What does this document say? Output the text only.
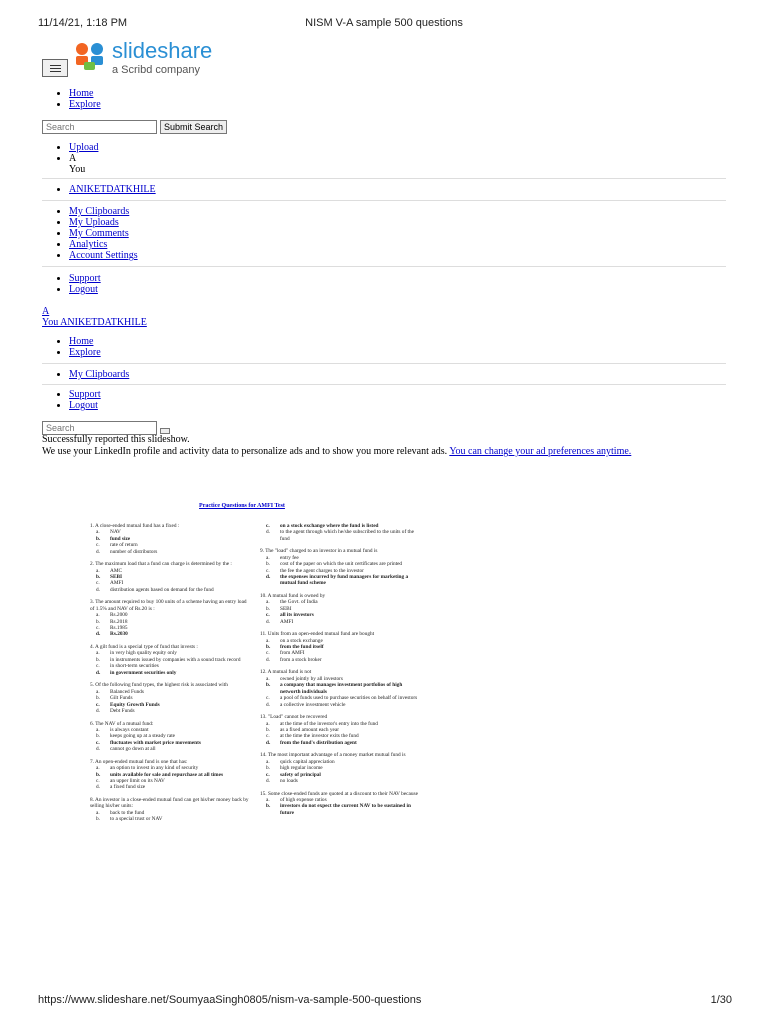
11/14/21, 1:18 PM	NISM V-A sample 500 questions
https://www.slideshare.net/SoumyaaSingh0805/nism-va-sample-500-questions	1/30
slideshare
a Scribd company
• Home
• Explore
Search
Submit Search
• Upload
• A
You
• ANIKETDATKHILE
• My Clipboards
• My Uploads
• My Comments
• Analytics
• Account Settings
• Support
• Logout
A
You ANIKETDATKHILE
• Home
• Explore
• My Clipboards
• Support
• Logout
Search
Successfully reported this slideshow.
We use your LinkedIn profile and activity data to personalize ads and to show you more relevant ads. You can change your ad preferences anytime.
Practice Questions for AMFI Test
1. A close-ended mutual fund has a fixed :
a.	NAV
b.	fund size
c.	rate of return
d.	number of distributors
2. The maximum load that a fund can charge is determined by the :
a.	AMC
b.	SEBI
c.	AMFI
d.	distribution agents based on demand for the fund
3. The amount required to buy 100 units of a scheme having an entry load of 1.5% and NAV of Rs.20 is :
a.	Rs.2000
b.	Rs.2018
c.	Rs.1985
d.	Rs.2030
4. A gilt fund is a special type of fund that invests :
a.	in very high quality equity only
b.	in instruments issued by companies with a sound track record
c.	in short-term securities
d.	in government securities only
5. Of the following fund types, the highest risk is associated with
a.	Balanced Funds
b.	Gilt Funds
c.	Equity Growth Funds
d.	Debt Funds
6. The NAV of a mutual fund:
a.	is always constant
b.	keeps going up at a steady rate
c.	fluctuates with market price movements
d.	cannot go down at all
7. An open-ended mutual fund is one that has:
a.	an option to invest in any kind of security
b.	units available for sale and repurchase at all times
c.	an upper limit on its NAV
d.	a fixed fund size
8. An investor in a close-ended mutual fund can get his/her money back by selling his/her units:
a.	back to the fund
b.	to a special trust or NAV
c.	on a stock exchange where the fund is listed
d.	to the agent through which he/she subscribed to the units of the fund
9. The "load" charged to an investor in a mutual fund is
a.	entry fee
b.	cost of the paper on which the unit certificates are printed
c.	the fee the agent charges to the investor
d.	the expenses incurred by fund managers for marketing a mutual fund scheme
10. A mutual fund is owned by
a.	the Govt. of India
b.	SEBI
c.	all its investors
d.	AMFI
11. Units from an open-ended mutual fund are bought
a.	on a stock exchange
b.	from the fund itself
c.	from AMFI
d.	from a stock broker
12. A mutual fund is not
a.	owned jointly by all investors
b.	a company that manages investment portfolios of high networth individuals
c.	a pool of funds used to purchase securities on behalf of investors
d.	a collective investment vehicle
13. "Load" cannot be recovered
a.	at the time of the investor's entry into the fund
b.	as a fixed amount each year
c.	at the time the investor exits the fund
d.	from the fund's distribution agent
14. The most important advantage of a money market mutual fund is
a.	quick capital appreciation
b.	high regular income
c.	safety of principal
d.	no loads
15. Some close-ended funds are quoted at a discount to their NAV because
a.	of high expense ratios
b.	investors do not expect the current NAV to be sustained in future
